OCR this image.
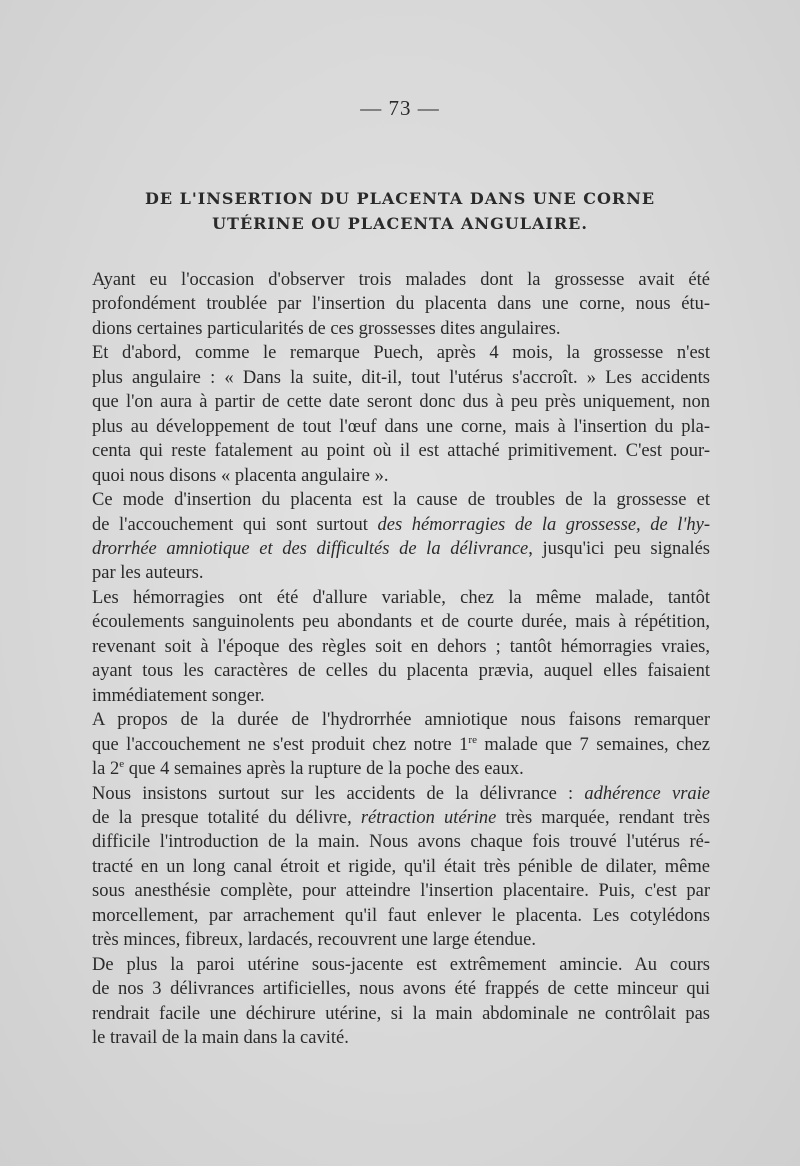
— 73 —
DE L'INSERTION DU PLACENTA DANS UNE CORNE
UTÉRINE OU PLACENTA ANGULAIRE.

Ayant eu l'occasion d'observer trois malades dont la grossesse avait été
profondément troublée par l'insertion du placenta dans une corne, nous étu-
dions certaines particularités de ces grossesses dites angulaires.

Et d'abord, comme le remarque Puech, après 4 mois, la grossesse n'est
plus angulaire : « Dans la suite, dit-il, tout l'utérus s'accroît. » Les accidents
que l'on aura à partir de cette date seront donc dus à peu près uniquement, non
plus au développement de tout l'œuf dans une corne, mais à l'insertion du pla-
centa qui reste fatalement au point où il est attaché primitivement. C'est pour-
quoi nous disons « placenta angulaire ».

Ce mode d'insertion du placenta est la cause de troubles de la grossesse et
de l'accouchement qui sont surtout des hémorragies de la grossesse, de l'hy-
drorrhée amniotique et des difficultés de la délivrance, jusqu'ici peu signalés
par les auteurs.

Les hémorragies ont été d'allure variable, chez la même malade, tantôt
écoulements sanguinolents peu abondants et de courte durée, mais à répétition,
revenant soit à l'époque des règles soit en dehors ; tantôt hémorragies vraies,
ayant tous les caractères de celles du placenta prævia, auquel elles faisaient
immédiatement songer.

A propos de la durée de l'hydrorrhée amniotique nous faisons remarquer
que l'accouchement ne s'est produit chez notre 1re malade que 7 semaines, chez
la 2e que 4 semaines après la rupture de la poche des eaux.

Nous insistons surtout sur les accidents de la délivrance : adhérence vraie
de la presque totalité du délivre, rétraction utérine très marquée, rendant très
difficile l'introduction de la main. Nous avons chaque fois trouvé l'utérus ré-
tracté en un long canal étroit et rigide, qu'il était très pénible de dilater, même
sous anesthésie complète, pour atteindre l'insertion placentaire. Puis, c'est par
morcellement, par arrachement qu'il faut enlever le placenta. Les cotylédons
très minces, fibreux, lardacés, recouvrent une large étendue.

De plus la paroi utérine sous-jacente est extrêmement amincie. Au cours
de nos 3 délivrances artificielles, nous avons été frappés de cette minceur qui
rendrait facile une déchirure utérine, si la main abdominale ne contrôlait pas
le travail de la main dans la cavité.
